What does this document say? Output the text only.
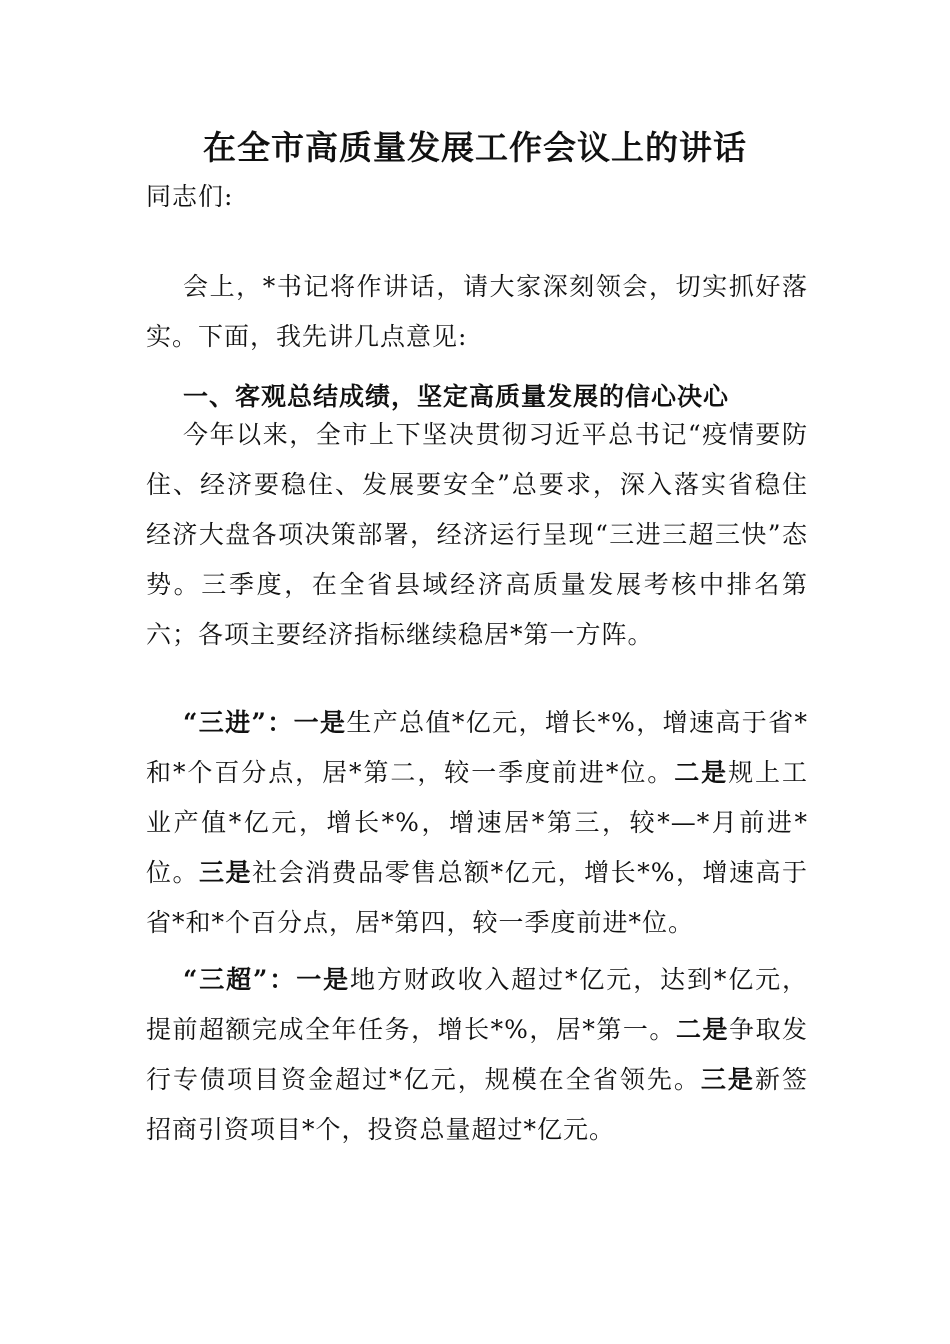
在全市高质量发展工作会议上的讲话

同志们:

会上，*书记将作讲话，请大家深刻领会，切实抓好落实。下面，我先讲几点意见:

一、客观总结成绩，坚定高质量发展的信心决心

今年以来，全市上下坚决贯彻习近平总书记“疫情要防住、经济要稳住、发展要安全”总要求，深入落实省稳住经济大盘各项决策部署，经济运行呈现“三进三超三快”态势。三季度，在全省县域经济高质量发展考核中排名第六；各项主要经济指标继续稳居*第一方阵。

“三进”：一是生产总值*亿元，增长*%，增速高于省*和*个百分点，居*第二，较一季度前进*位。二是规上工业产值*亿元，增长*%，增速居*第三，较*—*月前进*位。三是社会消费品零售总额*亿元，增长*%，增速高于省*和*个百分点，居*第四，较一季度前进*位。

“三超”：一是地方财政收入超过*亿元，达到*亿元，提前超额完成全年任务，增长*%，居*第一。二是争取发行专债项目资金超过*亿元，规模在全省领先。三是新签招商引资项目*个，投资总量超过*亿元。
